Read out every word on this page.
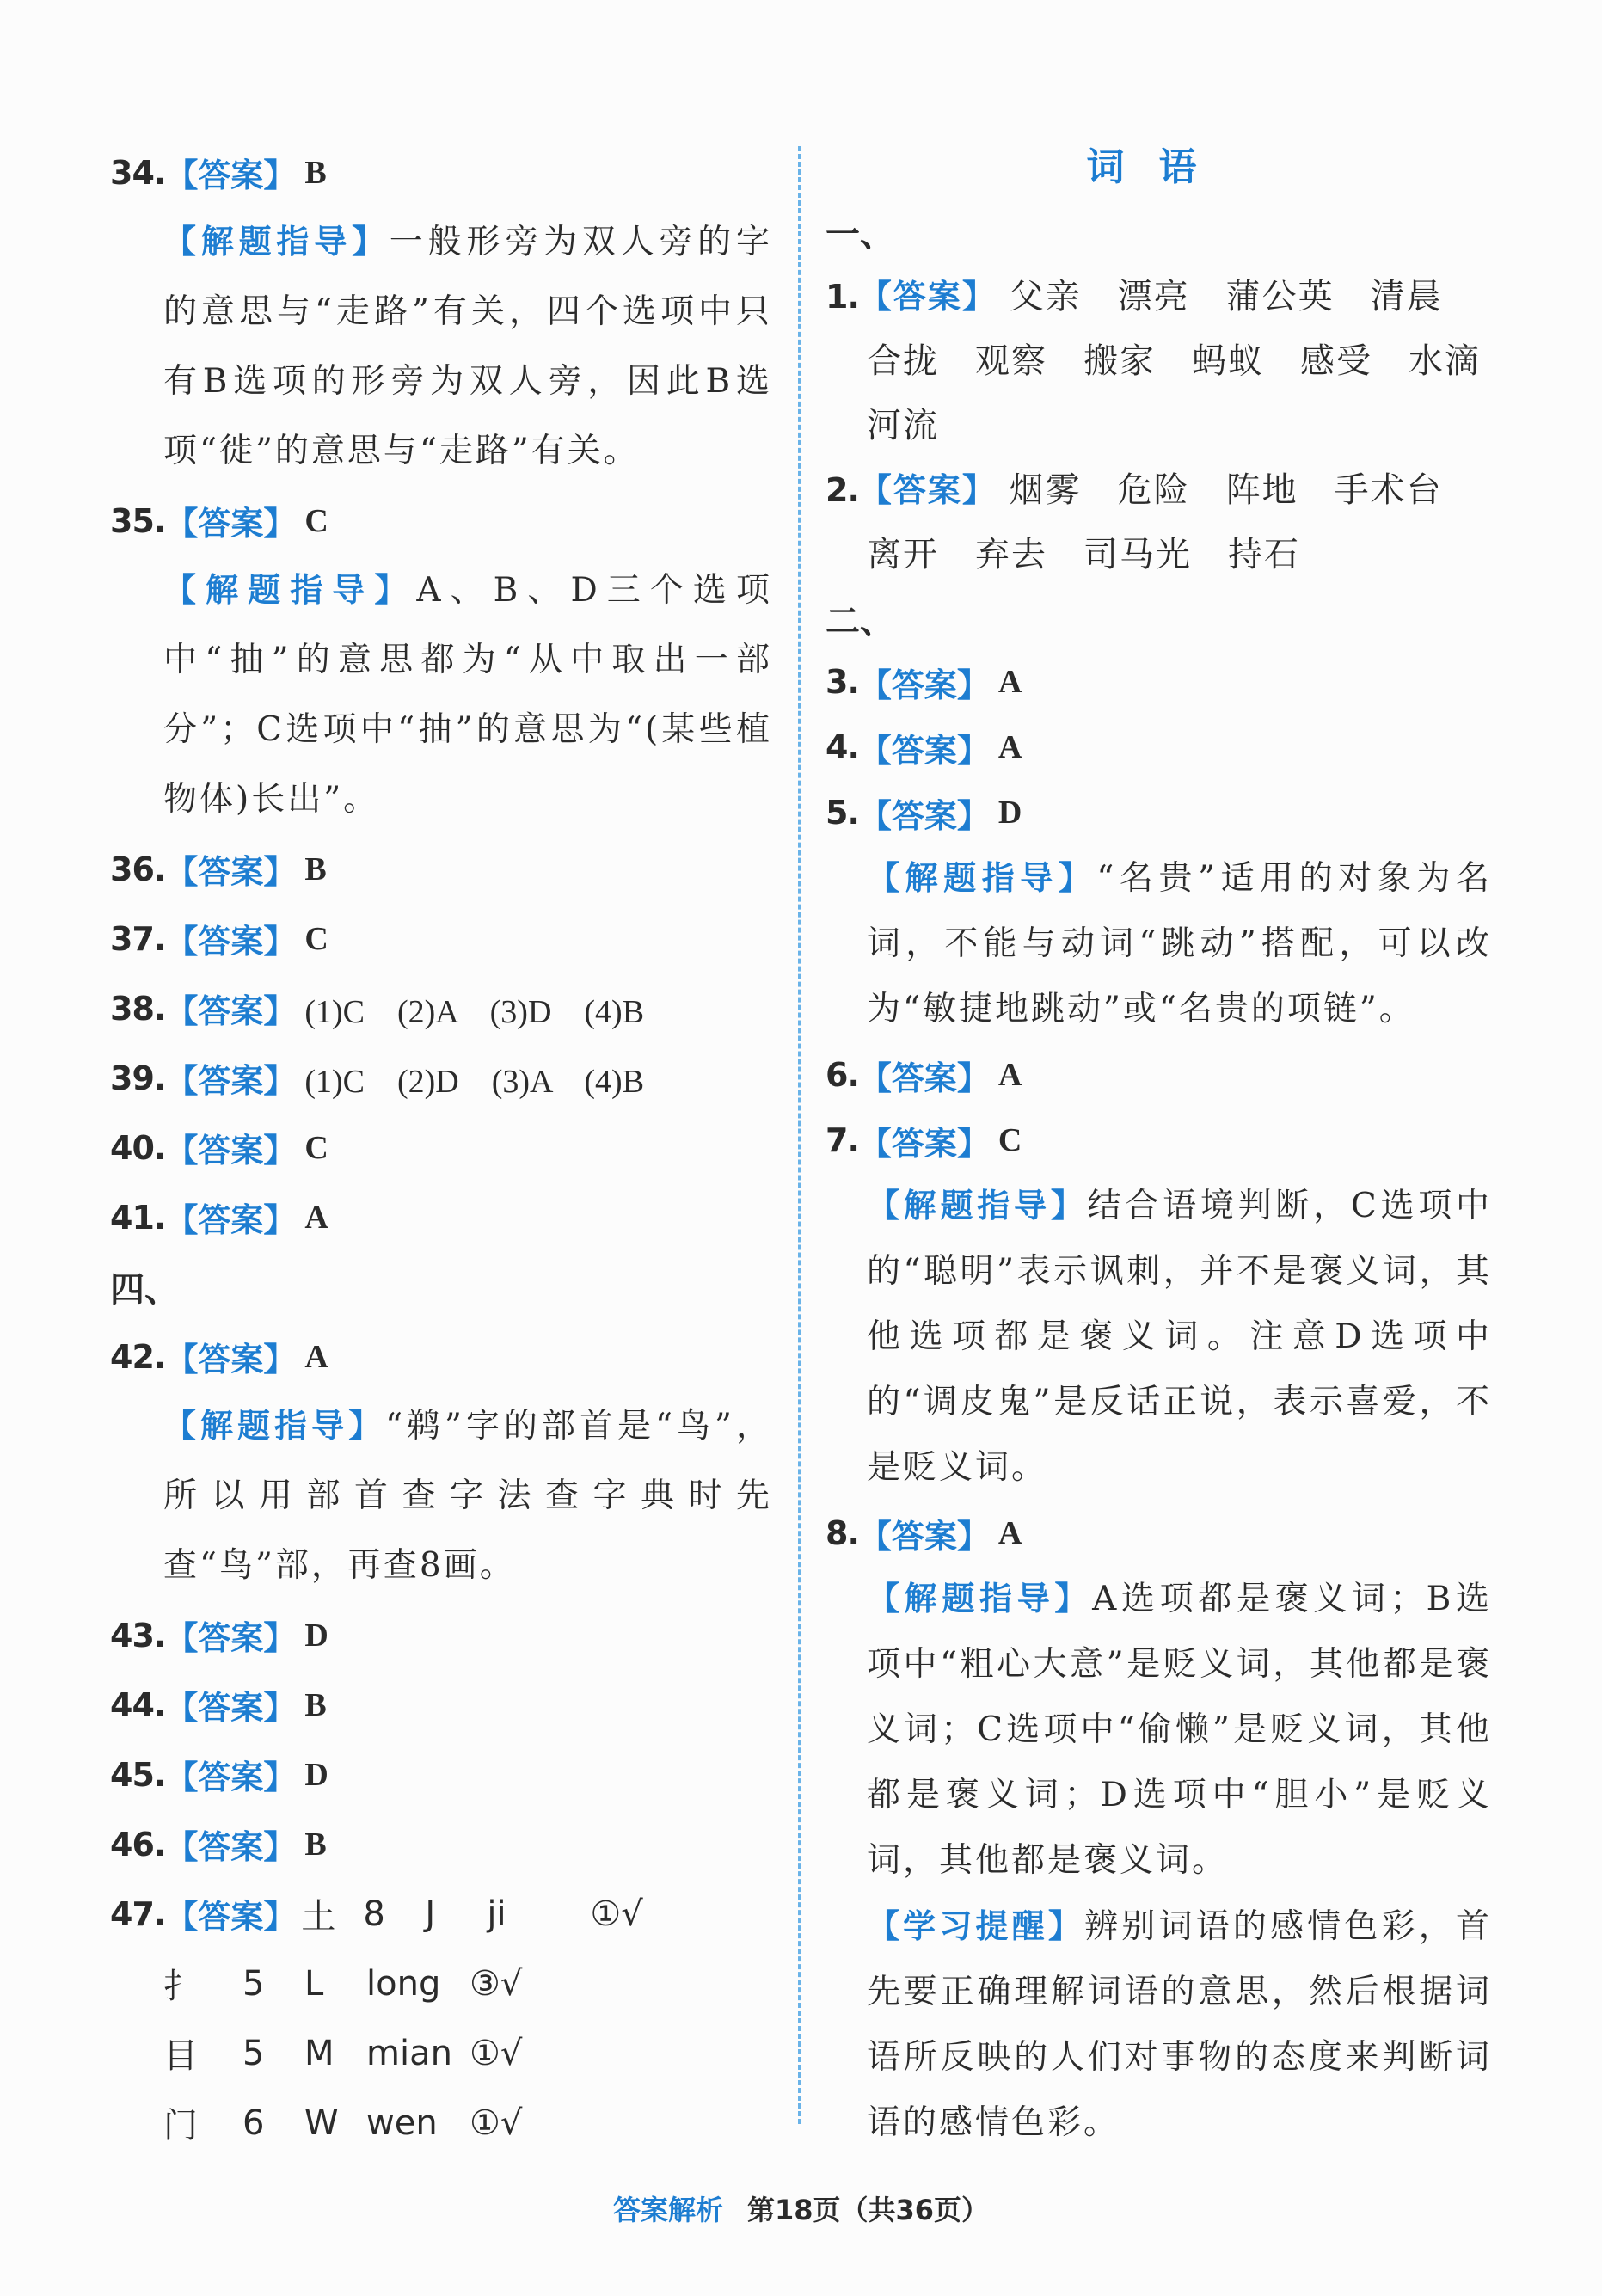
34. 【答案】 B
【解题指导】一般形旁为双人旁的字的意思与“走路”有关，四个选项中只有B选项的形旁为双人旁，因此B选项“徙”的意思与“走路”有关。
35. 【答案】 C
【解题指导】A、B、D三个选项中“抽”的意思都为“从中取出一部分”；C选项中“抽”的意思为“(某些植物体)长出”。
36. 【答案】 B
37. 【答案】 C
38. 【答案】 (1)C　(2)A　(3)D　(4)B
39. 【答案】 (1)C　(2)D　(3)A　(4)B
40. 【答案】 C
41. 【答案】 A
四、
42. 【答案】 A
【解题指导】“鹈”字的部首是“鸟”，所以用部首查字法查字典时先查“鸟”部，再查8画。
43. 【答案】 D
44. 【答案】 B
45. 【答案】 D
46. 【答案】 B
47. 【答案】 土 8	J	ji	①√
扌	5	L	long ③√
目	5	M mian ①√
门	6	W wen ①√
词语
一、
1.【答案】 父亲 漂亮 蒲公英 清晨
合拢 观察 搬家 蚂蚁 感受 水滴
河流
2.【答案】 烟雾 危险 阵地 手术台
离开 弃去 司马光 持石
二、
3. 【答案】 A
4. 【答案】 A
5. 【答案】 D
【解题指导】“名贵”适用的对象为名词，不能与动词“跳动”搭配，可以改为“敏捷地跳动”或“名贵的项链”。
6. 【答案】 A
7. 【答案】 C
【解题指导】结合语境判断，C选项中的“聪明”表示讽刺，并不是褒义词，其他选项都是褒义词。注意D选项中的“调皮鬼”是反话正说，表示喜爱，不是贬义词。
8. 【答案】 A
【解题指导】A选项都是褒义词；B选项中“粗心大意”是贬义词，其他都是褒义词；C选项中“偷懒”是贬义词，其他都是褒义词；D选项中“胆小”是贬义词，其他都是褒义词。
【学习提醒】辨别词语的感情色彩，首先要正确理解词语的意思，然后根据词语所反映的人们对事物的态度来判断词语的感情色彩。
答案解析 第18页（共36页）
